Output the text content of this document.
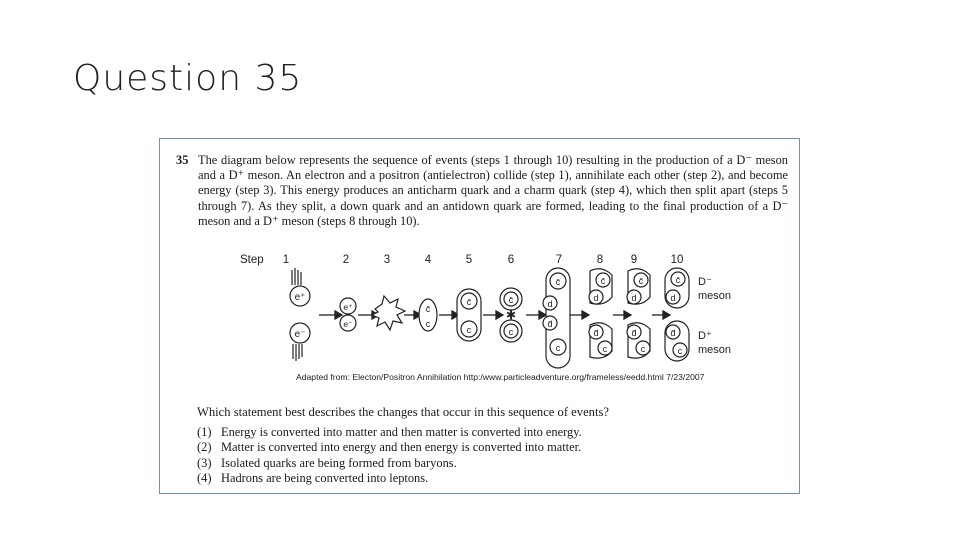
Question 35
35 The diagram below represents the sequence of events (steps 1 through 10) resulting in the production of a D⁻ meson and a D⁺ meson. An electron and a positron (antielectron) collide (step 1), annihilate each other (step 2), and become energy (step 3). This energy produces an anticharm quark and a charm quark (step 4), which then split apart (steps 5 through 7). As they split, a down quark and an antidown quark are formed, leading to the final production of a D⁻ meson and a D⁺ meson (steps 8 through 10).
Step 1	2	3	4	5	6	7	8 9	10
e⁺
e⁻
e⁺
e⁻
c̄
c
c̄
c
c̄
c
✱
c̄
d
d̄
c
c̄
d
d̄
c
c̄
d
d̄
c
c̄
d
d̄
c
D⁻
meson
D⁺
meson
Adapted from: Electon/Positron Annihilation http:/www.particleadventure.org/frameless/eedd.html 7/23/2007
Which statement best describes the changes that occur in this sequence of events?
(1) Energy is converted into matter and then matter is converted into energy.
(2) Matter is converted into energy and then energy is converted into matter.
(3) Isolated quarks are being formed from baryons.
(4) Hadrons are being converted into leptons.
